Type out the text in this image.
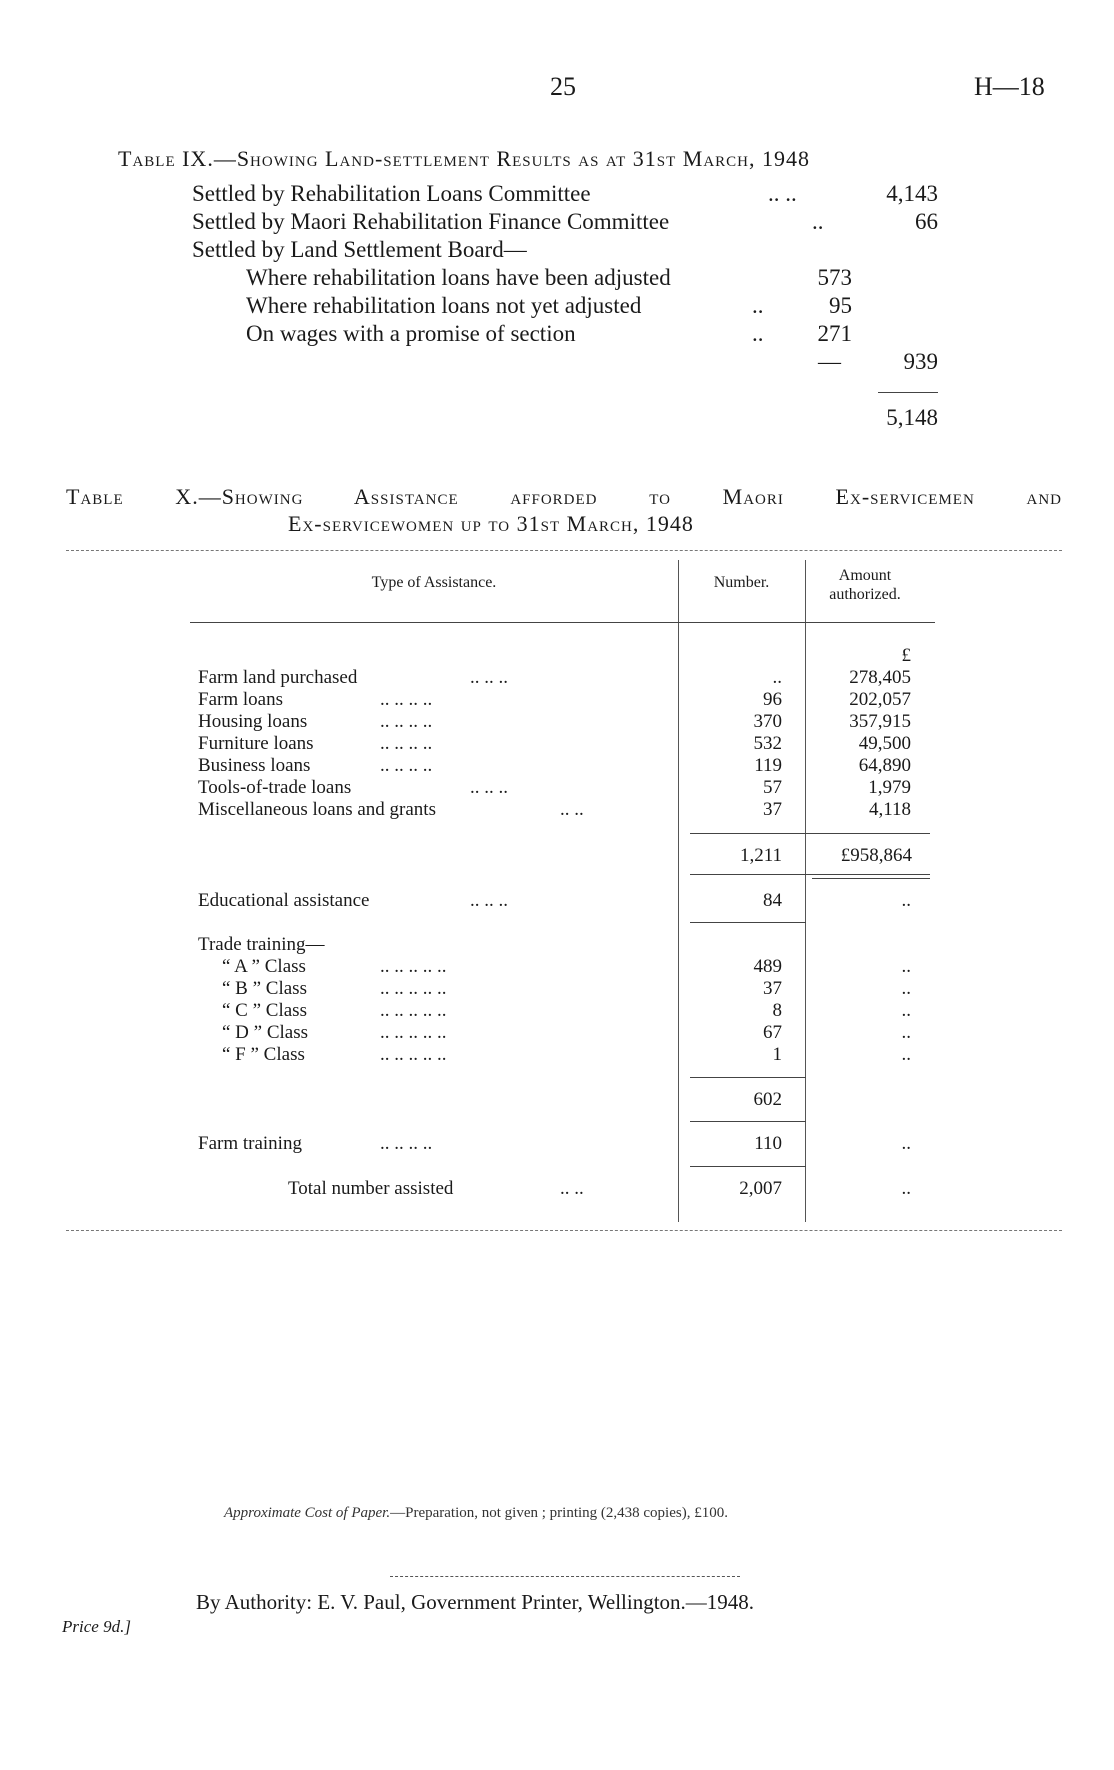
25	H—18
Table IX.—Showing Land-settlement Results as at 31st March, 1948
Settled by Rehabilitation Loans Committee	.. ..	4,143
Settled by Maori Rehabilitation Finance Committee	..	66
Settled by Land Settlement Board—
Where rehabilitation loans have been adjusted	573
Where rehabilitation loans not yet adjusted	..	95
On wages with a promise of section	..	271
—	939
5,148
Table X.—Showing Assistance afforded to Maori Ex-servicemen and
Ex-servicewomen up to 31st March, 1948
Type of Assistance.	Number.	Amount authorized.
£
Farm land purchased	.. .. ..	..	278,405
Farm loans	.. .. .. ..	96	202,057
Housing loans	.. .. .. ..	370	357,915
Furniture loans	.. .. .. ..	532	49,500
Business loans	.. .. .. ..	119	64,890
Tools-of-trade loans	.. .. ..	57	1,979
Miscellaneous loans and grants	.. ..	37	4,118
1,211	£958,864
Educational assistance	.. .. ..	84	..
Trade training—
“ A ” Class	.. .. .. .. ..	489	..
“ B ” Class	.. .. .. .. ..	37	..
“ C ” Class	.. .. .. .. ..	8	..
“ D ” Class	.. .. .. .. ..	67	..
“ F ” Class	.. .. .. .. ..	1	..
602
Farm training	.. .. .. ..	110	..
Total number assisted	.. ..	2,007	..
Approximate Cost of Paper.—Preparation, not given ; printing (2,438 copies), £100.
By Authority: E. V. Paul, Government Printer, Wellington.—1948.
Price 9d.]
